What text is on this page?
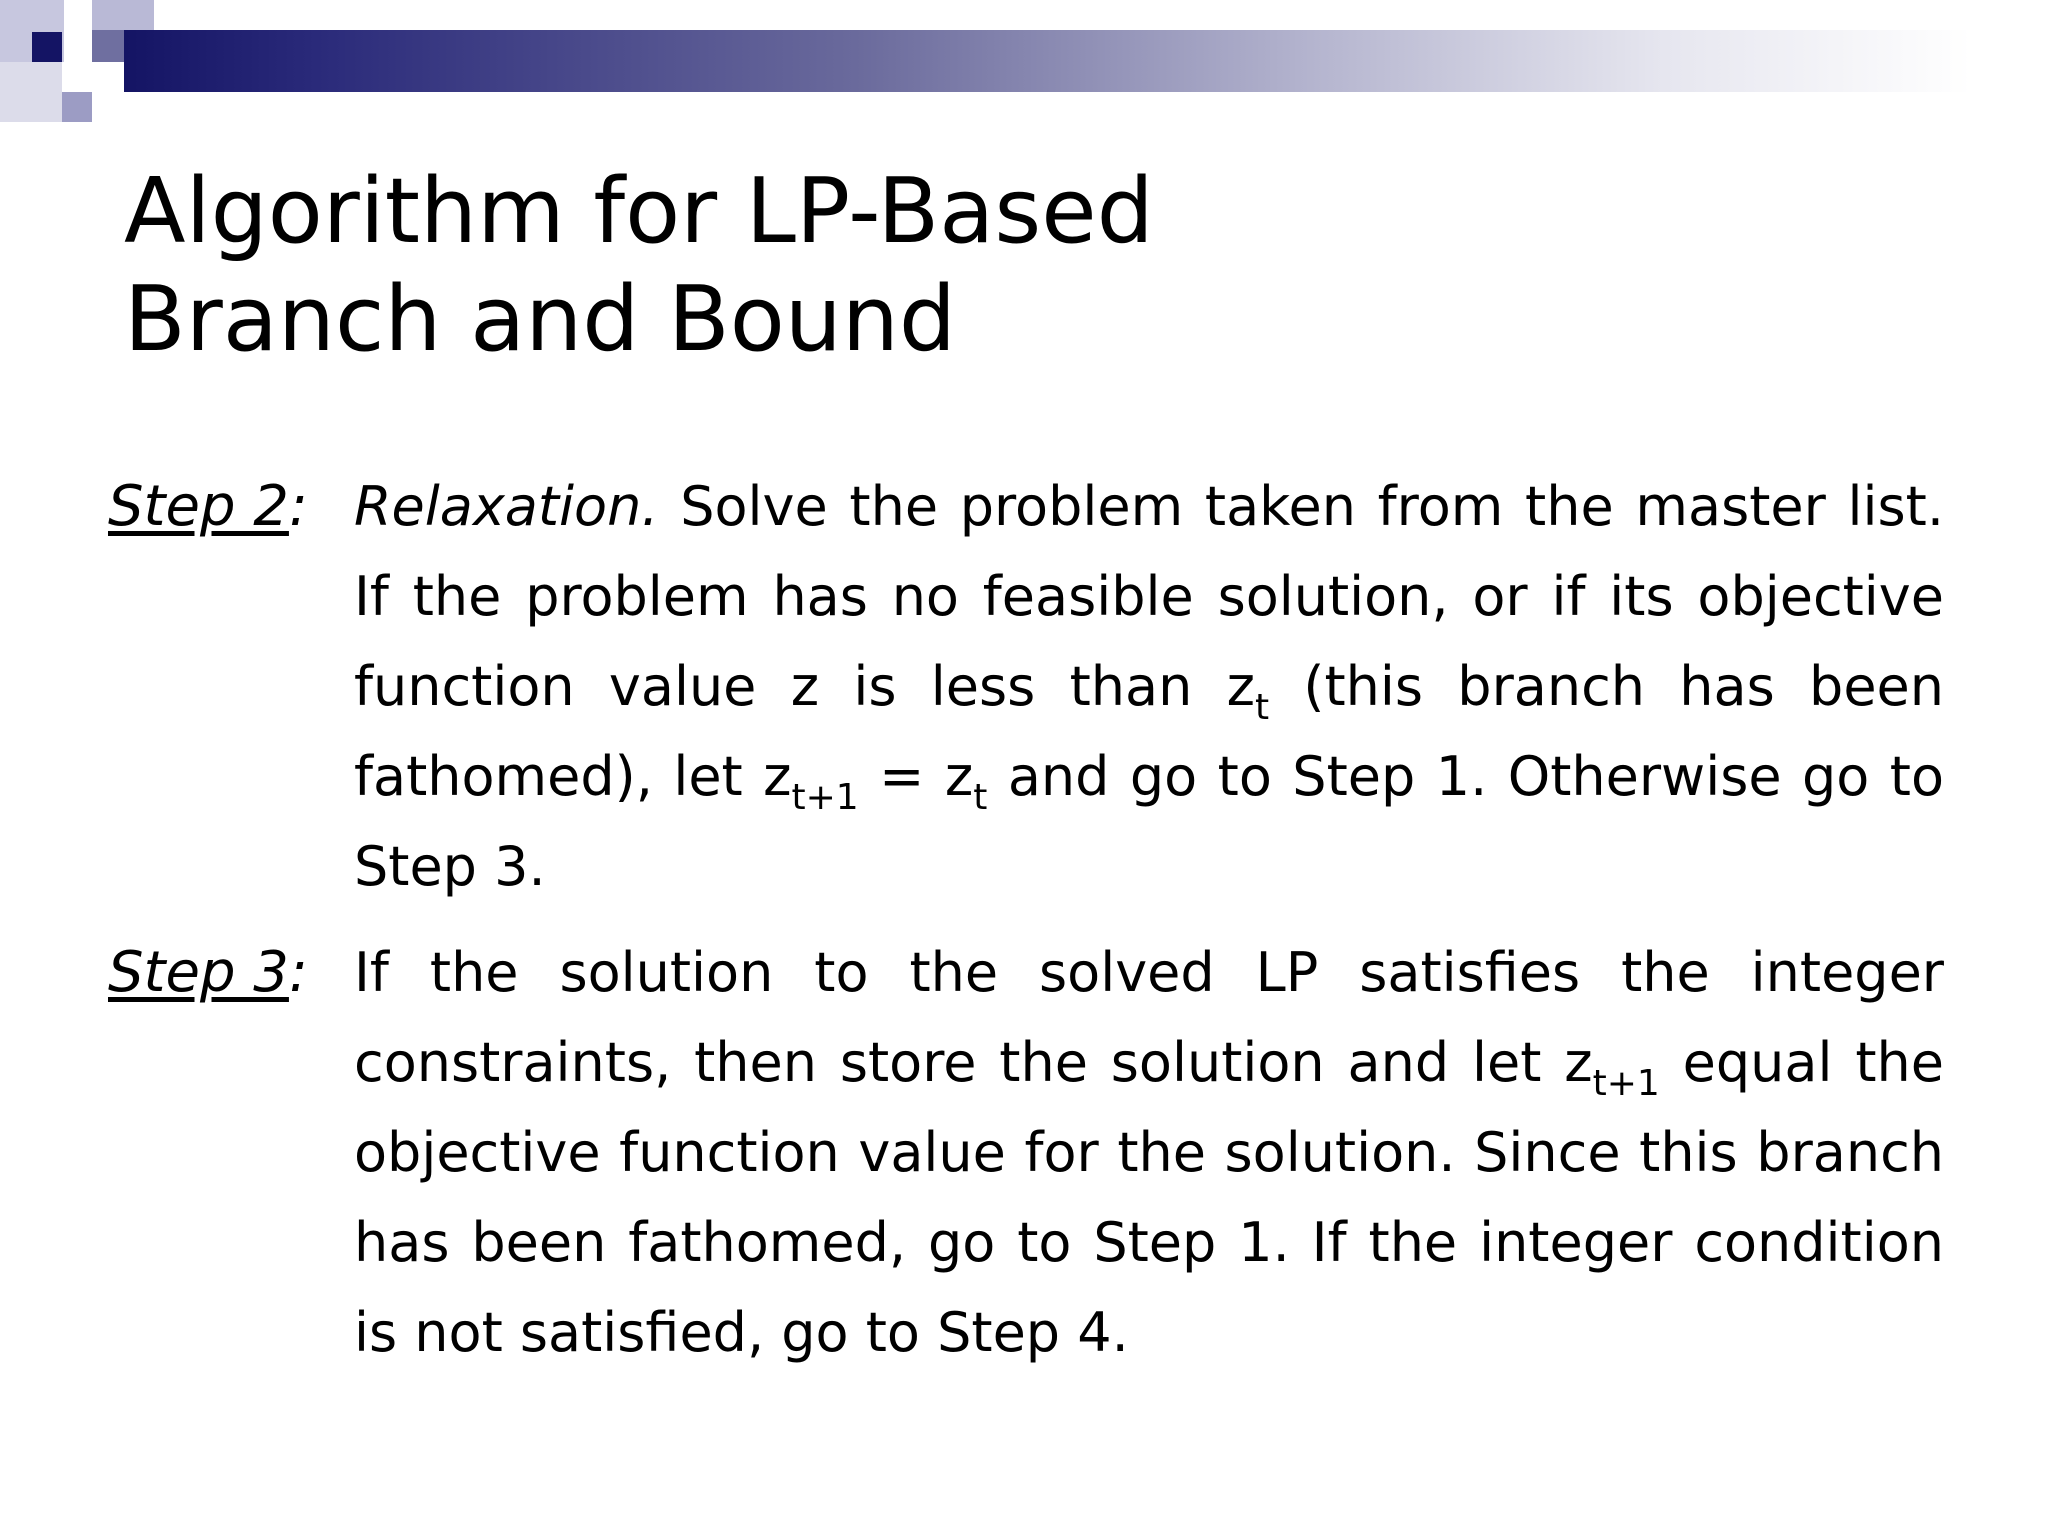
Algorithm for LP-Based
Branch and Bound
Step 2: Relaxation. Solve the problem taken from the master list. If the problem has no feasible solution, or if its objective function value z is less than $z_t$ (this branch has been fathomed), let $z_{t+1} = z_t$ and go to Step 1. Otherwise go to Step 3.

Step 3: If the solution to the solved LP satisfies the integer constraints, then store the solution and let $z_{t+1}$ equal the objective function value for the solution. Since this branch has been fathomed, go to Step 1. If the integer condition is not satisfied, go to Step 4.
